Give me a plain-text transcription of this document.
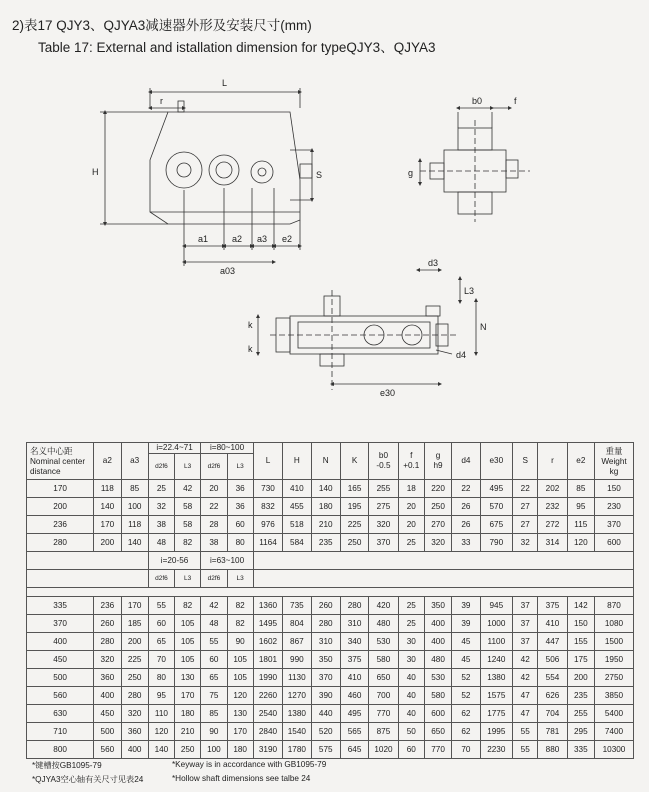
2)表17 QJY3、QJYA3减速器外形及安装尺寸(mm)
Table 17: External and istallation dimension for typeQJY3、QJYA3
L
r
H	S
a1	a2 a3 e2
a03
b0	f
g
d3
L3
k
k
N
d4
e30
名义中心距
Nominal center
distance	a2	a3	i=22.4~71		i=80~100		L	H	N	K	b0
-0.5	f
+0.1	g
h9	d4	e30	S	r	e2	重量
Weight
kg
			d2f6	L3	d2f6	L3													
170	118	85	25	42	20	36	730	410	140	165	255	18	220	22	495	22	202	85	150
200	140	100	32	58	22	36	832	455	180	195	275	20	250	26	570	27	232	95	230
236	170	118	38	58	28	60	976	518	210	225	320	20	270	26	675	27	272	115	370
280	200	140	48	82	38	80	1164	584	235	250	370	25	320	33	790	32	314	120	600
			i=20-56		i=63~100														
			d2f6	L3	d2f6	L3													

335	236	170	55	82	42	82	1360	735	260	280	420	25	350	39	945	37	375	142	870
370	260	185	60	105	48	82	1495	804	280	310	480	25	400	39	1000	37	410	150	1080
400	280	200	65	105	55	90	1602	867	310	340	530	30	400	45	1100	37	447	155	1500
450	320	225	70	105	60	105	1801	990	350	375	580	30	480	45	1240	42	506	175	1950
500	360	250	80	130	65	105	1990	1130	370	410	650	40	530	52	1380	42	554	200	2750
560	400	280	95	170	75	120	2260	1270	390	460	700	40	580	52	1575	47	626	235	3850
630	450	320	110	180	85	130	2540	1380	440	495	770	40	600	62	1775	47	704	255	5400
710	500	360	120	210	90	170	2840	1540	520	565	875	50	650	62	1995	55	781	295	7400
800	560	400	140	250	100	180	3190	1780	575	645	1020	60	770	70	2230	55	880	335	10300
*键槽按GB1095-79
*QJYA3空心轴有关尺寸见表24
*Keyway is in accordance with GB1095-79
*Hollow shaft dimensions see talbe 24
